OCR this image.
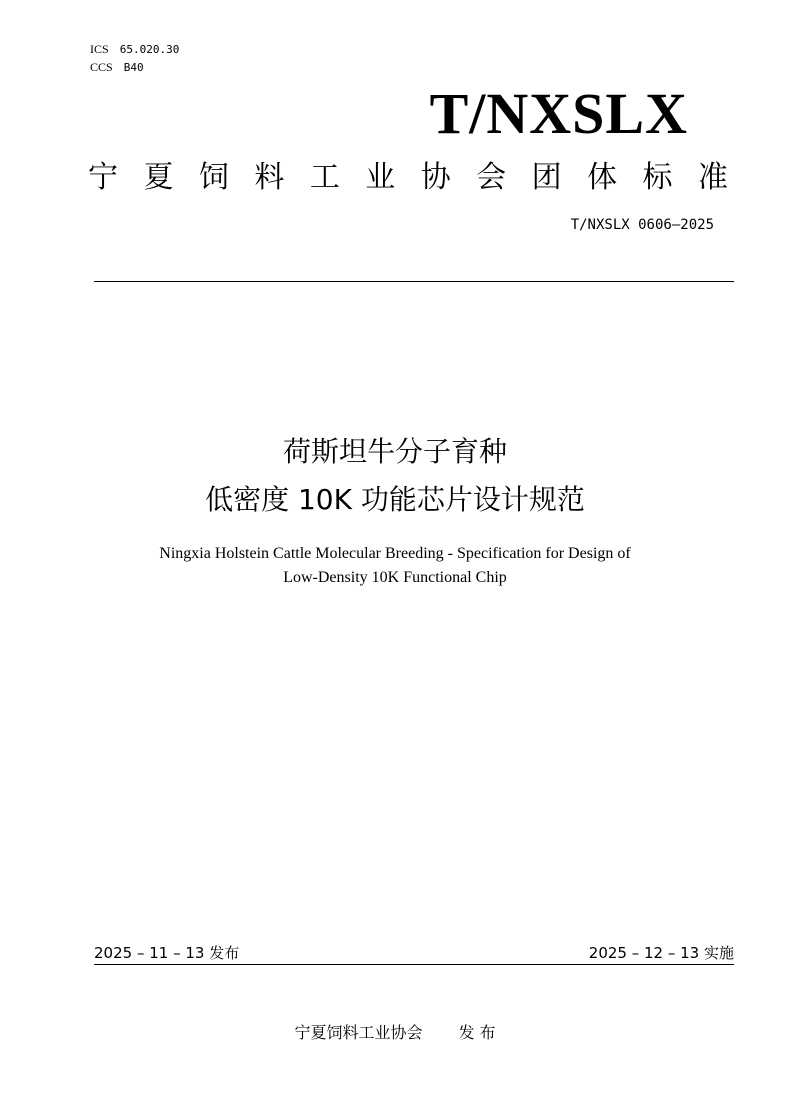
ICS 65.020.30
CCS B40
T/NXSLX
宁 夏 饲 料 工 业 协 会 团 体 标 准
T/NXSLX 0606—2025
荷斯坦牛分子育种
低密度 10K 功能芯片设计规范
Ningxia Holstein Cattle Molecular Breeding - Specification for Design of
Low-Density 10K Functional Chip
2025 – 11 – 13 发布	2025 – 12 – 13 实施
宁夏饲料工业协会 发 布
